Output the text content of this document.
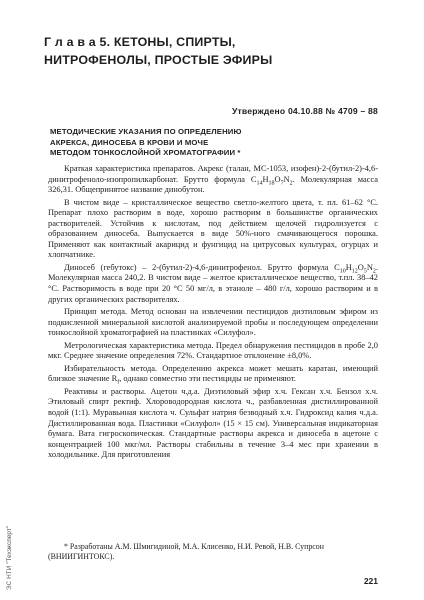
Г л а в а 5. КЕТОНЫ, СПИРТЫ,
НИТРОФЕНОЛЫ, ПРОСТЫЕ ЭФИРЫ
Утверждено 04.10.88 № 4709 – 88
МЕТОДИЧЕСКИЕ УКАЗАНИЯ ПО ОПРЕДЕЛЕНИЮ
АКРЕКСА, ДИНОСЕБА В КРОВИ И МОЧЕ
МЕТОДОМ ТОНКОСЛОЙНОЙ ХРОМАТОГРАФИИ *

Краткая характеристика препаратов. Акрекс (талан, МС-1053, изофен)-2-(бутил-2)-4,6-динитрофеноло-изопропилкарбонат. Брутто формула $С_{14}Н_{18}О_7N_2$. Молекулярная масса 326,31. Общепринятое название динобутон.

В чистом виде – кристаллическое вещество светло-желтого цвета, т. пл. 61–62 °С. Препарат плохо растворим в воде, хорошо растворим в большинстве органических растворителей. Устойчив к кислотам, под действием щелочей гидролизуется с образованием диносеба. Выпускается в виде 50%-ного смачивающегося порошка. Применяют как контактный акарицид и фунгицид на цитрусовых культурах, огурцах и хлопчатнике.

Диносеб (гебутокс) – 2-(бутил-2)-4,6-динитрофенол. Брутто формула $С_{10}Н_{12}О_5N_2$. Молекулярная масса 240,2. В чистом виде – желтое кристаллическое вещество, т.пл. 38–42 °С. Растворимость в воде при 20 °С 50 мг/л, в этаноле – 480 г/л, хорошо растворим и в других органических растворителях.

Принцип метода. Метод основан на извлечении пестицидов диэтиловым эфиром из подкисленной минеральной кислотой анализируемой пробы и последующем определении тонкослойной хроматографией на пластинках «Силуфол».

Метрологическая характеристика метода. Предел обнаружения пестицидов в пробе 2,0 мкг. Среднее значение определения 72%. Стандартное отклонение ±8,0%.

Избирательность метода. Определению акрекса может мешать каратан, имеющий близкое значение $R_f$, однако совместно эти пестициды не применяют.

Реактивы и растворы. Ацетон ч.д.а. Диэтиловый эфир х.ч. Гексан х.ч. Бензол х.ч. Этиловый спирт ректиф. Хлороводородная кислота ч., разбавленная дистиллированной водой (1:1). Муравьиная кислота ч. Сульфат натрия безводный х.ч. Гидроксид калия ч.д.а. Дистиллированная вода. Пластинки «Силуфол» (15 × 15 см). Универсальная индикаторная бумага. Вата гигроскопическая. Стандартные растворы акрекса и диносеба в ацетоне с концентрацией 100 мкг/мл. Растворы стабильны в течение 3–4 мес при хранении в холодильнике. Для приготовления

* Разработаны А.М. Шмигидиной, М.А. Клисенко, Н.И. Ревой, Н.В. Супрсон (ВНИИГИНТОКС).
221
ЭС НТИ "Техэксперт"
